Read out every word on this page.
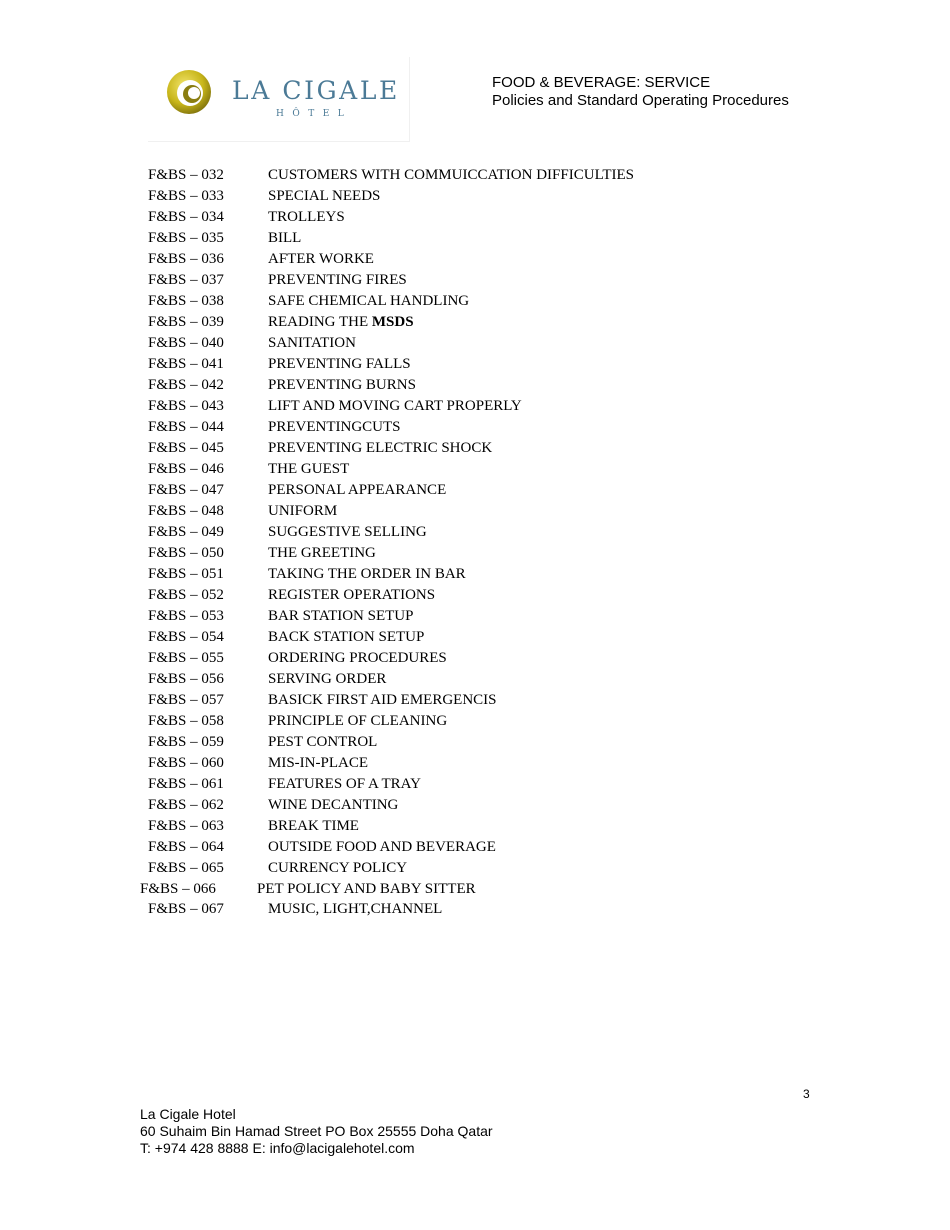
LA CIGALE
HÔTEL
FOOD & BEVERAGE: SERVICE
Policies and Standard Operating Procedures
F&BS – 032	CUSTOMERS WITH COMMUICCATION DIFFICULTIES
F&BS – 033	SPECIAL NEEDS
F&BS – 034	TROLLEYS
F&BS – 035	BILL
F&BS – 036	AFTER WORKE
F&BS – 037	PREVENTING FIRES
F&BS – 038	SAFE CHEMICAL HANDLING
F&BS – 039	READING THE MSDS
F&BS – 040	SANITATION
F&BS – 041	PREVENTING FALLS
F&BS – 042	PREVENTING BURNS
F&BS – 043	LIFT AND MOVING CART PROPERLY
F&BS – 044	PREVENTINGCUTS
F&BS – 045	PREVENTING ELECTRIC SHOCK
F&BS – 046	THE GUEST
F&BS – 047	PERSONAL APPEARANCE
F&BS – 048	UNIFORM
F&BS – 049	SUGGESTIVE SELLING
F&BS – 050	THE GREETING
F&BS – 051	TAKING THE ORDER IN BAR
F&BS – 052	REGISTER OPERATIONS
F&BS – 053	BAR STATION SETUP
F&BS – 054	BACK STATION SETUP
F&BS – 055	ORDERING PROCEDURES
F&BS – 056	SERVING ORDER
F&BS – 057	BASICK FIRST AID EMERGENCIS
F&BS – 058	PRINCIPLE OF CLEANING
F&BS – 059	PEST CONTROL
F&BS – 060	MIS-IN-PLACE
F&BS – 061	FEATURES OF A TRAY
F&BS – 062	WINE DECANTING
F&BS – 063	BREAK TIME
F&BS – 064	OUTSIDE FOOD AND BEVERAGE
F&BS – 065	CURRENCY POLICY
F&BS – 066	PET POLICY AND BABY SITTER
F&BS – 067	MUSIC, LIGHT,CHANNEL
3
La Cigale Hotel
60 Suhaim Bin Hamad Street PO Box 25555 Doha Qatar
T: +974 428 8888 E: info@lacigalehotel.com
